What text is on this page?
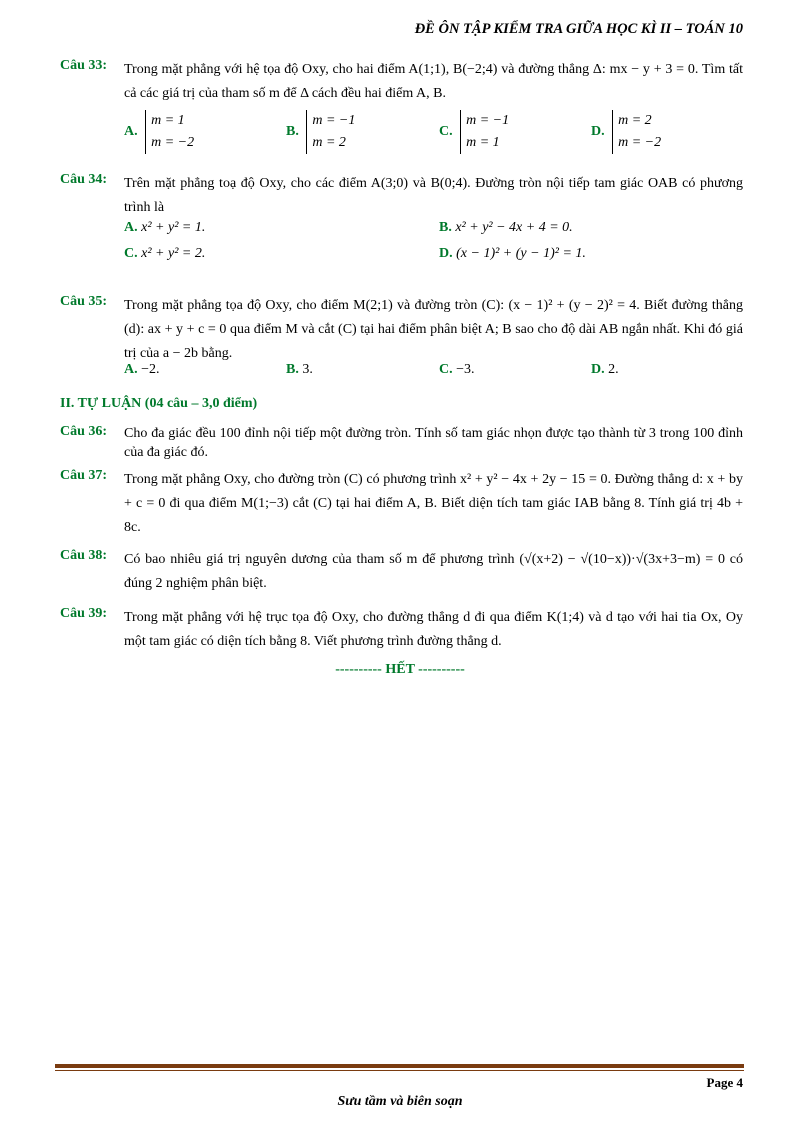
ĐỀ ÔN TẬP KIỂM TRA GIỮA HỌC KÌ II – TOÁN 10
Câu 33: Trong mặt phẳng với hệ tọa độ Oxy, cho hai điểm A(1;1), B(−2;4) và đường thẳng Δ: mx − y + 3 = 0. Tìm tất cả các giá trị của tham số m để Δ cách đều hai điểm A, B.
A.
m = 1
m = −2
B.
m = −1
m = 2
C.
m = −1
m = 1
D.
m = 2
m = −2
Câu 34: Trên mặt phẳng toạ độ Oxy, cho các điểm A(3;0) và B(0;4). Đường tròn nội tiếp tam giác OAB có phương trình là
A. x² + y² = 1.	B. x² + y² − 4x + 4 = 0.
C. x² + y² = 2.	D. (x − 1)² + (y − 1)² = 1.
Câu 35: Trong mặt phẳng tọa độ Oxy, cho điểm M(2;1) và đường tròn (C): (x − 1)² + (y − 2)² = 4. Biết đường thẳng (d): ax + y + c = 0 qua điểm M và cắt (C) tại hai điểm phân biệt A; B sao cho độ dài AB ngắn nhất. Khi đó giá trị của a − 2b bằng.
A. −2.	B. 3.	C. −3.	D. 2.
II. TỰ LUẬN (04 câu – 3,0 điểm)
Câu 36: Cho đa giác đều 100 đỉnh nội tiếp một đường tròn. Tính số tam giác nhọn được tạo thành từ 3 trong 100 đỉnh của đa giác đó.
Câu 37: Trong mặt phẳng Oxy, cho đường tròn (C) có phương trình x² + y² − 4x + 2y − 15 = 0. Đường thẳng d: x + by + c = 0 đi qua điểm M(1;−3) cắt (C) tại hai điểm A, B. Biết diện tích tam giác IAB bằng 8. Tính giá trị 4b + 8c.
Câu 38: Có bao nhiêu giá trị nguyên dương của tham số m để phương trình (√(x+2) − √(10−x))·√(3x+3−m) = 0 có đúng 2 nghiệm phân biệt.
Câu 39: Trong mặt phẳng với hệ trục tọa độ Oxy, cho đường thẳng d đi qua điểm K(1;4) và d tạo với hai tia Ox, Oy một tam giác có diện tích bằng 8. Viết phương trình đường thẳng d.
---------- HẾT ----------
Page 4
Sưu tầm và biên soạn
